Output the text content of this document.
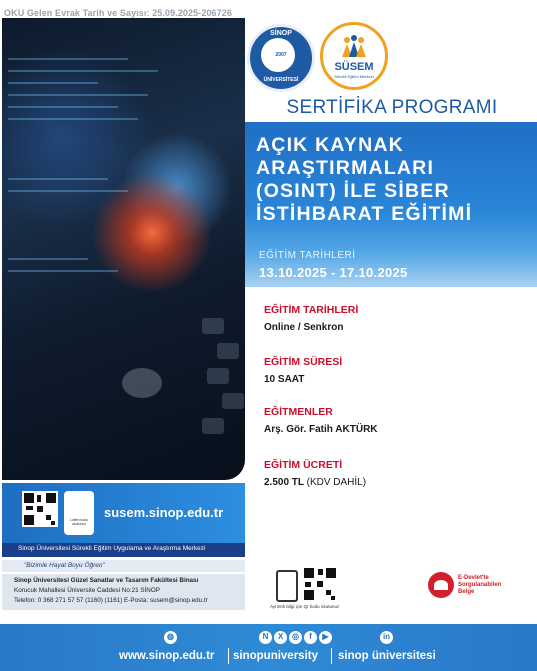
OKU Gelen Evrak Tarih ve Sayısı: 25.09.2025-206726
SİNOP
2007
ÜNİVERSİTESİ
SÜSEM
Sürekli Eğitim Merkezi
SERTİFİKA PROGRAMI
AÇIK KAYNAK
ARAŞTIRMALARI
(OSINT) İLE SİBER
İSTİHBARAT EĞİTİMİ
EĞİTİM TARİHLERİ
13.10.2025 - 17.10.2025
EĞİTİM TARİHLERİ
Online / Senkron
EĞİTİM SÜRESİ
10 SAAT
EĞİTMENLER
Arş. Gör. Fatih AKTÜRK
EĞİTİM ÜCRETİ
2.500 TL (KDV DAHİL)
Lütfen kodu okutunuz
susem.sinop.edu.tr
Sinop Üniversitesi Sürekli Eğitim Uygulama ve Araştırma Merkezi
"Bizimle Hayat Boyu Öğren"
Sinop Üniversitesi Güzel Sanatlar ve Tasarım Fakültesi Binası
Korucuk Mahallesi Üniversite Caddesi No:21 SİNOP
Telefon: 0 368 271 57 57 (1160) (1161) E-Posta: susem@sinop.edu.tr
Ayrıntılı bilgi için Qr kodu okutunuz
E-Devlet'te
Sorgulanabilen
Belge
◍	N	X	◎	f	▶	in
www.sinop.edu.tr sinopuniversity sinop üniversitesi
